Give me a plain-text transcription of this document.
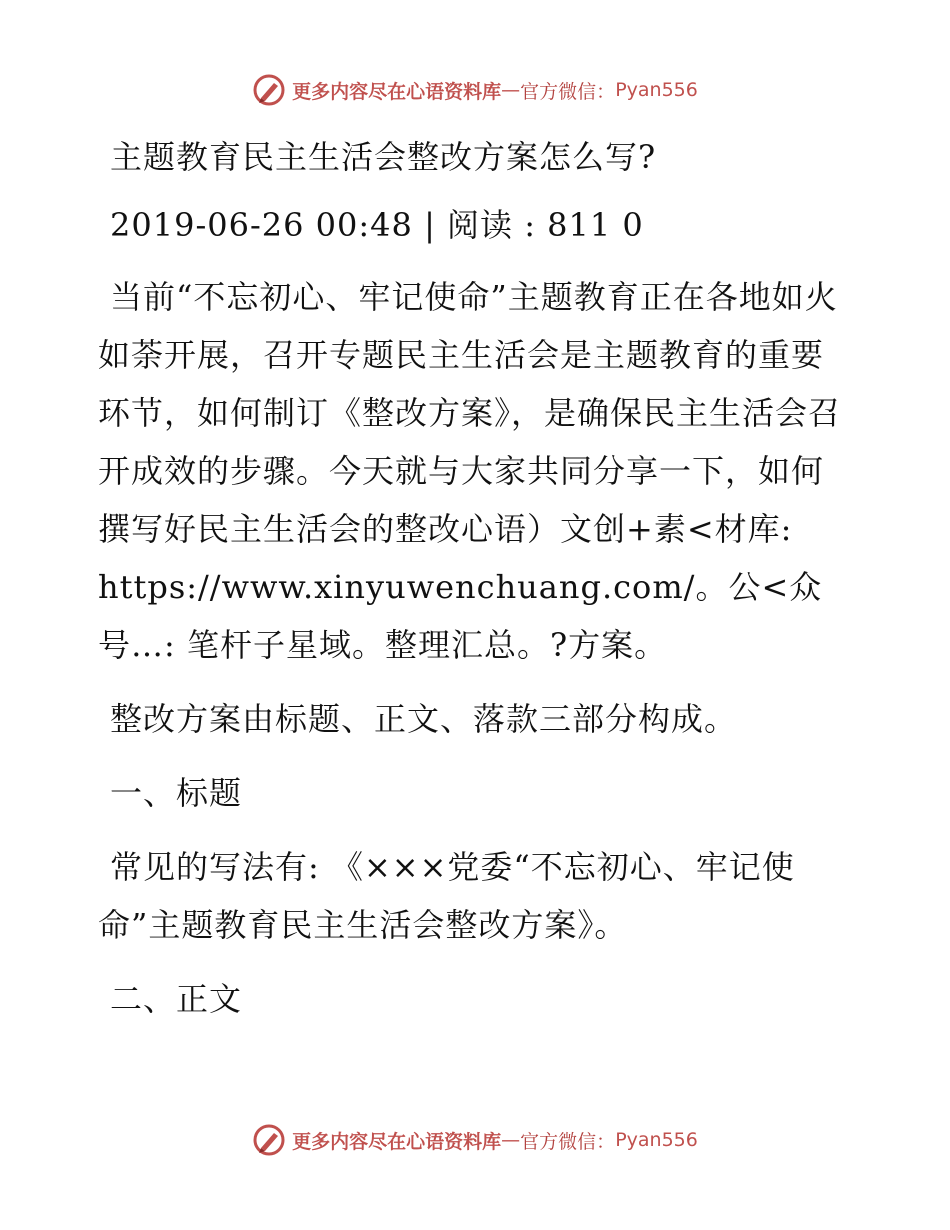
更多内容尽在心语资料库 — 官方微信： Pyan556

主题教育民主生活会整改方案怎么写?

2019-06-26 00:48 | 阅读 : 811 0

当前“不忘初心、牢记使命”主题教育正在各地如火如荼开展，召开专题民主生活会是主题教育的重要环节，如何制订《整改方案》，是确保民主生活会召开成效的步骤。今天就与大家共同分享一下，如何撰写好民主生活会的整改心语）文创+素<材库: https://www.xinyuwenchuang.com/。公<众号…: 笔杆子星域。整理汇总。?方案。

整改方案由标题、正文、落款三部分构成。

一、标题

常见的写法有: 《×××党委“不忘初心、牢记使命”主题教育民主生活会整改方案》。

二、正文

更多内容尽在心语资料库 — 官方微信： Pyan556
